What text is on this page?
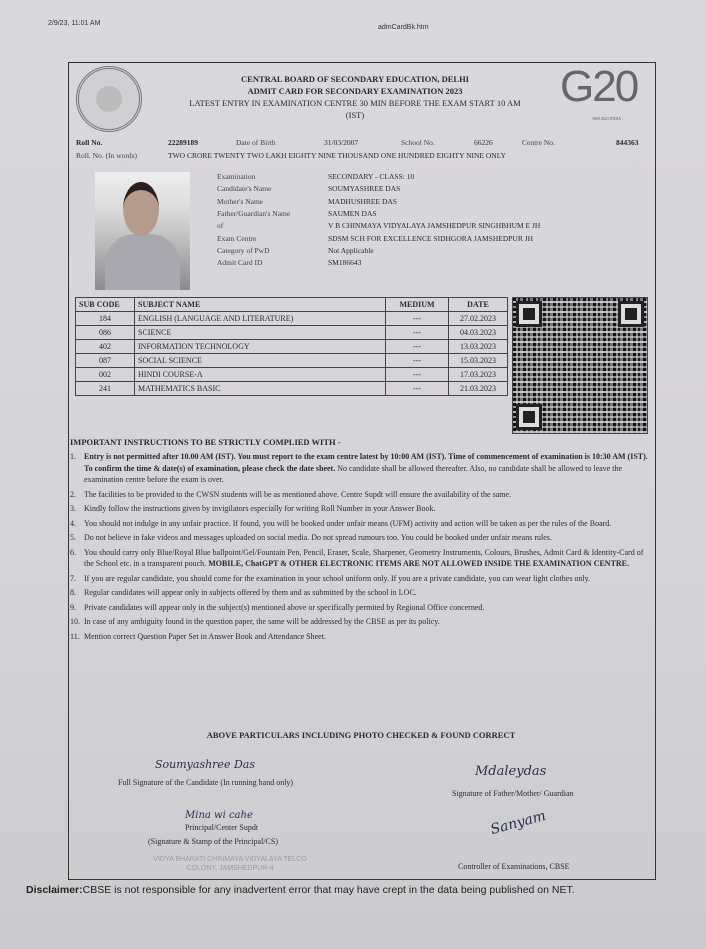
2/9/23, 11:01 AM
admCardBk.htm
CENTRAL BOARD OF SECONDARY EDUCATION, DELHI
ADMIT CARD FOR SECONDARY EXAMINATION 2023
LATEST ENTRY IN EXAMINATION CENTRE 30 MIN BEFORE THE EXAM START 10 AM
(IST)
G20
भारत 2023 INDIA
Roll No.	22289189	Date of Birth	31/03/2007	School No.	66226	Centre No.	844363
Roll. No. (In words)	TWO CRORE TWENTY TWO LAKH EIGHTY NINE THOUSAND ONE HUNDRED EIGHTY NINE ONLY
Examination	SECONDARY - CLASS: 10
Candidate's Name	SOUMYASHREE DAS
Mother's Name	MADHUSHREE DAS
Father/Guardian's Name	SAUMEN DAS
of	V B CHINMAYA VIDYALAYA JAMSHEDPUR SINGHBHUM E JH
Exam Centre	SDSM SCH FOR EXCELLENCE SIDHGORA JAMSHEDPUR JH
Category of PwD	Not Applicable
Admit Card ID	SM186643
SUB CODE	SUBJECT NAME	MEDIUM	DATE
184	ENGLISH (LANGUAGE AND LITERATURE)	---	27.02.2023
086	SCIENCE	---	04.03.2023
402	INFORMATION TECHNOLOGY	---	13.03.2023
087	SOCIAL SCIENCE	---	15.03.2023
002	HINDI COURSE-A	---	17.03.2023
241	MATHEMATICS BASIC	---	21.03.2023
IMPORTANT INSTRUCTIONS TO BE STRICTLY COMPLIED WITH -
1. Entry is not permitted after 10.00 AM (IST). You must report to the exam centre latest by 10:00 AM (IST). Time of commencement of examination is 10:30 AM (IST). To confirm the time & date(s) of examination, please check the date sheet. No candidate shall be allowed thereafter. Also, no candidate shall be allowed to leave the examination centre before the exam is over.
2. The facilities to be provided to the CWSN students will be as mentioned above. Centre Supdt will ensure the availability of the same.
3. Kindly follow the instructions given by invigilators especially for writing Roll Number in your Answer Book.
4. You should not indulge in any unfair practice. If found, you will be booked under unfair means (UFM) activity and action will be taken as per the rules of the Board.
5. Do not believe in fake videos and messages uploaded on social media. Do not spread rumours too. You could be booked under unfair means rules.
6. You should carry only Blue/Royal Blue ballpoint/Gel/Fountain Pen, Pencil, Eraser, Scale, Sharpener, Geometry Instruments, Colours, Brushes, Admit Card & Identity-Card of the School etc. in a transparent pouch. MOBILE, ChatGPT & OTHER ELECTRONIC ITEMS ARE NOT ALLOWED INSIDE THE EXAMINATION CENTRE.
7. If you are regular candidate, you should come for the examination in your school uniform only. If you are a private candidate, you can wear light clothes only.
8. Regular candidates will appear only in subjects offered by them and as submitted by the school in LOC.
9. Private candidates will appear only in the subject(s) mentioned above or specifically permited by Regional Office concerned.
10. In case of any ambiguity found in the question paper, the same will be addressed by the CBSE as per its policy.
11. Mention correct Question Paper Set in Answer Book and Attendance Sheet.
ABOVE PARTICULARS INCLUDING PHOTO CHECKED & FOUND CORRECT
Soumyashree Das
Full Signature of the Candidate (In running hand only)
Mdaleydas
Signature of Father/Mother/ Guardian
Mina wi cahe
Principal/Center Supdt
(Signature & Stamp of the Principal/CS)
VIDYA BHARATI CHINMAYA VIDYALAYA TELCO COLONY, JAMSHEDPUR-4
Sanyam
Controller of Examinations, CBSE
Disclaimer:CBSE is not responsible for any inadvertent error that may have crept in the data being published on NET.
